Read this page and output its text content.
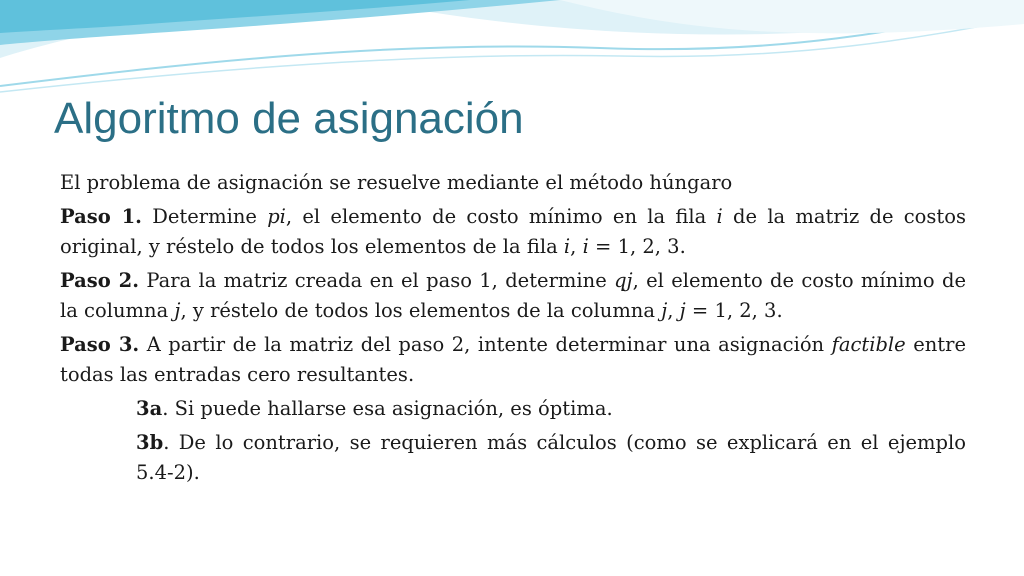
Algoritmo de asignación

El problema de asignación se resuelve mediante el método húngaro

Paso 1. Determine pi, el elemento de costo mínimo en la fila i de la matriz de costos original, y réstelo de todos los elementos de la fila i, i = 1, 2, 3.

Paso 2. Para la matriz creada en el paso 1, determine qj, el elemento de costo mínimo de la columna j, y réstelo de todos los elementos de la columna j, j = 1, 2, 3.

Paso 3. A partir de la matriz del paso 2, intente determinar una asignación factible entre todas las entradas cero resultantes.

3a. Si puede hallarse esa asignación, es óptima.

3b. De lo contrario, se requieren más cálculos (como se explicará en el ejemplo 5.4-2).
